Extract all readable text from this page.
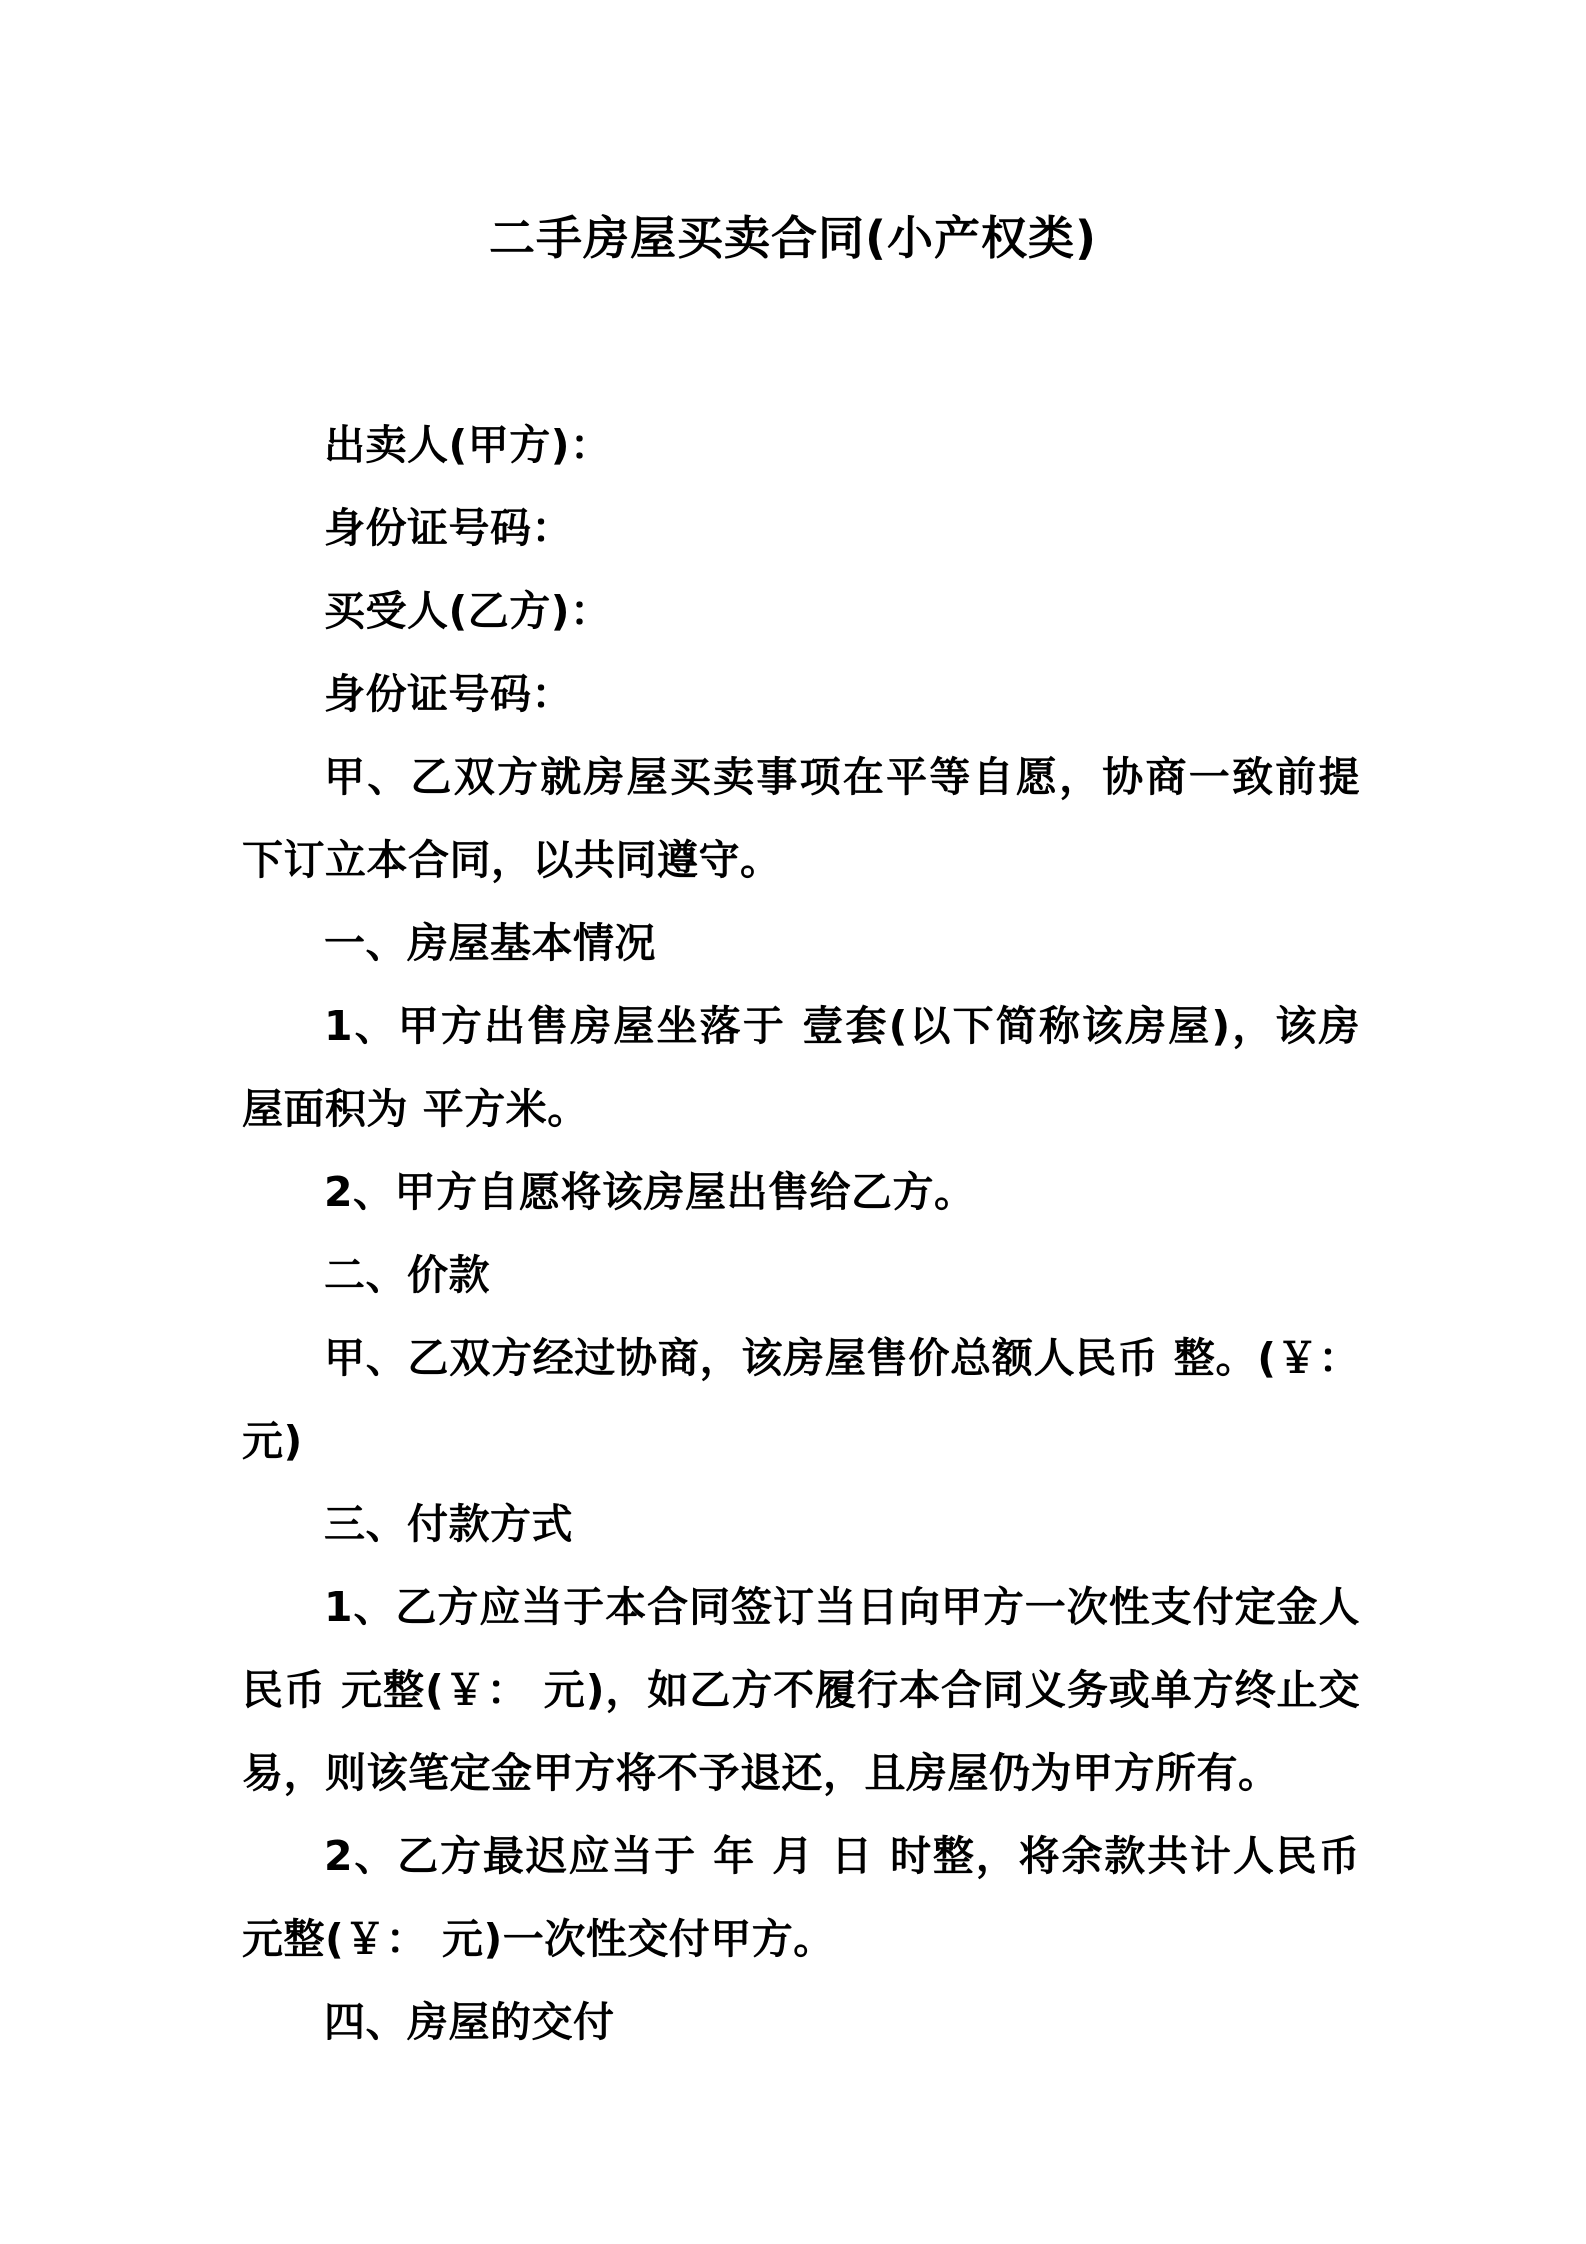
二手房屋买卖合同(小产权类)

出卖人(甲方)：

身份证号码：

买受人(乙方)：

身份证号码：

甲、乙双方就房屋买卖事项在平等自愿，协商一致前提下订立本合同，以共同遵守。

一、房屋基本情况

1、甲方出售房屋坐落于 壹套(以下简称该房屋)，该房屋面积为 平方米。

2、甲方自愿将该房屋出售给乙方。

二、价款

甲、乙双方经过协商，该房屋售价总额人民币 整。(￥： 元)

三、付款方式

1、乙方应当于本合同签订当日向甲方一次性支付定金人民币 元整(￥： 元)，如乙方不履行本合同义务或单方终止交易，则该笔定金甲方将不予退还，且房屋仍为甲方所有。

2、乙方最迟应当于 年 月 日 时整，将余款共计人民币 元整(￥： 元)一次性交付甲方。

四、房屋的交付
